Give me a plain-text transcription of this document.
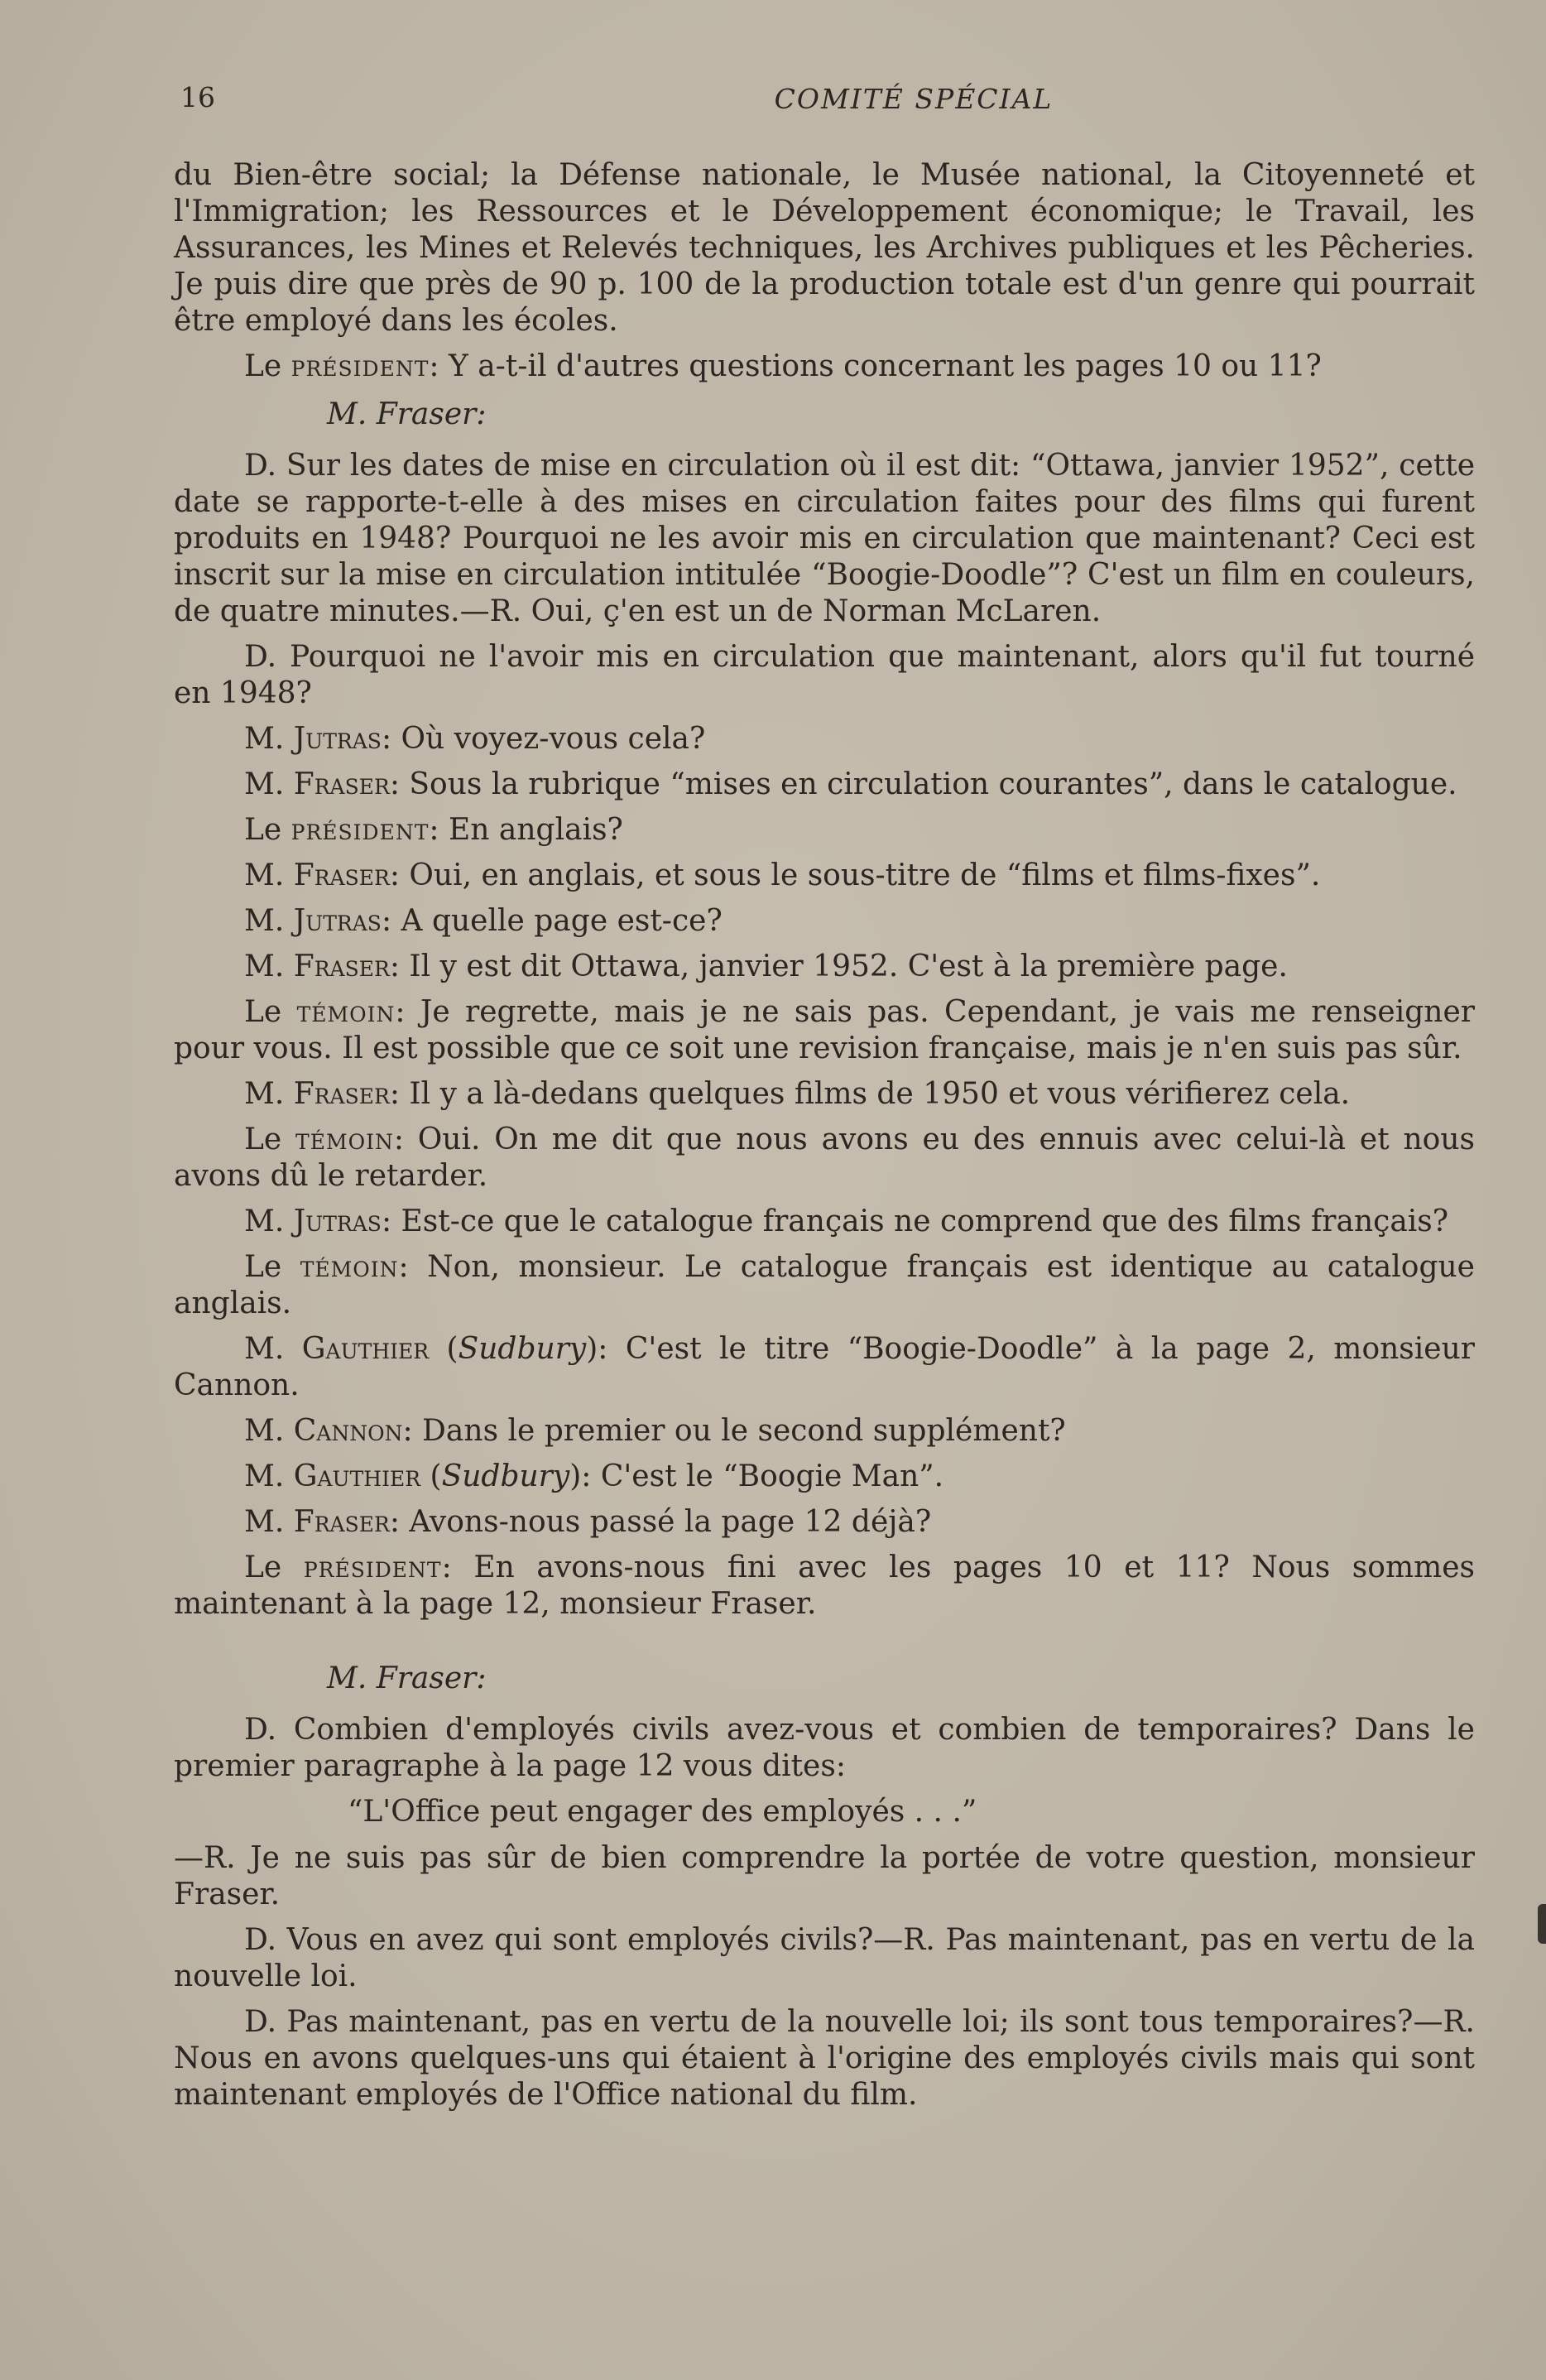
16	COMITÉ SPÉCIAL

du Bien-être social; la Défense nationale, le Musée national, la Citoyenneté et l'Immigration; les Ressources et le Développement économique; le Travail, les Assurances, les Mines et Relevés techniques, les Archives publiques et les Pêcheries. Je puis dire que près de 90 p. 100 de la production totale est d'un genre qui pourrait être employé dans les écoles.

Le président: Y a-t-il d'autres questions concernant les pages 10 ou 11?

M. Fraser:

D. Sur les dates de mise en circulation où il est dit: “Ottawa, janvier 1952”, cette date se rapporte-t-elle à des mises en circulation faites pour des films qui furent produits en 1948? Pourquoi ne les avoir mis en circulation que maintenant? Ceci est inscrit sur la mise en circulation intitulée “Boogie-Doodle”? C'est un film en couleurs, de quatre minutes.—R. Oui, ç'en est un de Norman McLaren.

D. Pourquoi ne l'avoir mis en circulation que maintenant, alors qu'il fut tourné en 1948?

M. Jutras: Où voyez-vous cela?

M. Fraser: Sous la rubrique “mises en circulation courantes”, dans le catalogue.

Le président: En anglais?

M. Fraser: Oui, en anglais, et sous le sous-titre de “films et films-fixes”.

M. Jutras: A quelle page est-ce?

M. Fraser: Il y est dit Ottawa, janvier 1952. C'est à la première page.

Le témoin: Je regrette, mais je ne sais pas. Cependant, je vais me renseigner pour vous. Il est possible que ce soit une revision française, mais je n'en suis pas sûr.

M. Fraser: Il y a là-dedans quelques films de 1950 et vous vérifierez cela.

Le témoin: Oui. On me dit que nous avons eu des ennuis avec celui-là et nous avons dû le retarder.

M. Jutras: Est-ce que le catalogue français ne comprend que des films français?

Le témoin: Non, monsieur. Le catalogue français est identique au catalogue anglais.

M. Gauthier (Sudbury): C'est le titre “Boogie-Doodle” à la page 2, monsieur Cannon.

M. Cannon: Dans le premier ou le second supplément?

M. Gauthier (Sudbury): C'est le “Boogie Man”.

M. Fraser: Avons-nous passé la page 12 déjà?

Le président: En avons-nous fini avec les pages 10 et 11? Nous sommes maintenant à la page 12, monsieur Fraser.

M. Fraser:

D. Combien d'employés civils avez-vous et combien de temporaires? Dans le premier paragraphe à la page 12 vous dites:

“L'Office peut engager des employés . . .”

—R. Je ne suis pas sûr de bien comprendre la portée de votre question, monsieur Fraser.

D. Vous en avez qui sont employés civils?—R. Pas maintenant, pas en vertu de la nouvelle loi.

D. Pas maintenant, pas en vertu de la nouvelle loi; ils sont tous temporaires?—R. Nous en avons quelques-uns qui étaient à l'origine des employés civils mais qui sont maintenant employés de l'Office national du film.
